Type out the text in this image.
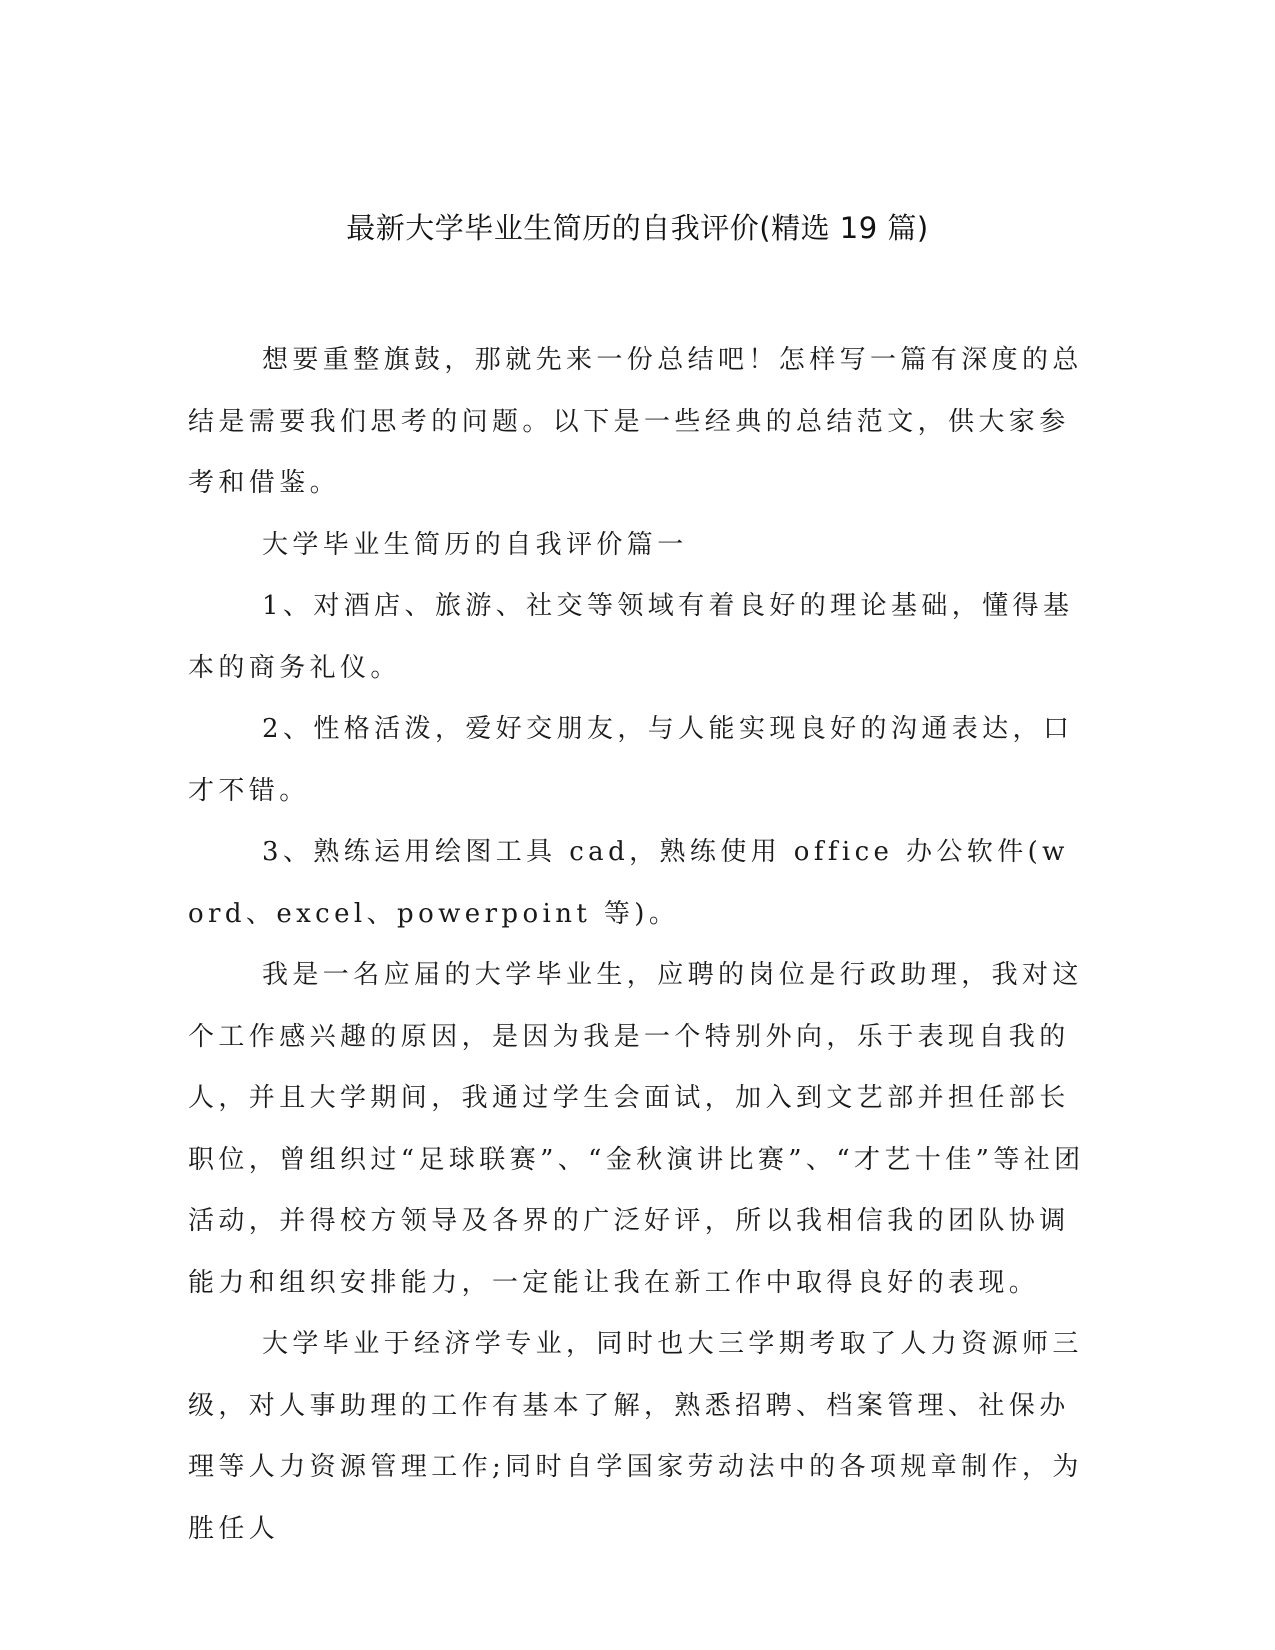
最新大学毕业生简历的自我评价(精选 19 篇)

想要重整旗鼓，那就先来一份总结吧！怎样写一篇有深度的总结是需要我们思考的问题。以下是一些经典的总结范文，供大家参考和借鉴。

大学毕业生简历的自我评价篇一

1、对酒店、旅游、社交等领域有着良好的理论基础，懂得基本的商务礼仪。

2、性格活泼，爱好交朋友，与人能实现良好的沟通表达，口才不错。

3、熟练运用绘图工具 cad，熟练使用 office 办公软件(word、excel、powerpoint 等)。

我是一名应届的大学毕业生，应聘的岗位是行政助理，我对这个工作感兴趣的原因，是因为我是一个特别外向，乐于表现自我的人，并且大学期间，我通过学生会面试，加入到文艺部并担任部长职位，曾组织过“足球联赛”、“金秋演讲比赛”、“才艺十佳”等社团活动，并得校方领导及各界的广泛好评，所以我相信我的团队协调能力和组织安排能力，一定能让我在新工作中取得良好的表现。

大学毕业于经济学专业，同时也大三学期考取了人力资源师三级，对人事助理的工作有基本了解，熟悉招聘、档案管理、社保办理等人力资源管理工作;同时自学国家劳动法中的各项规章制作，为胜任人
